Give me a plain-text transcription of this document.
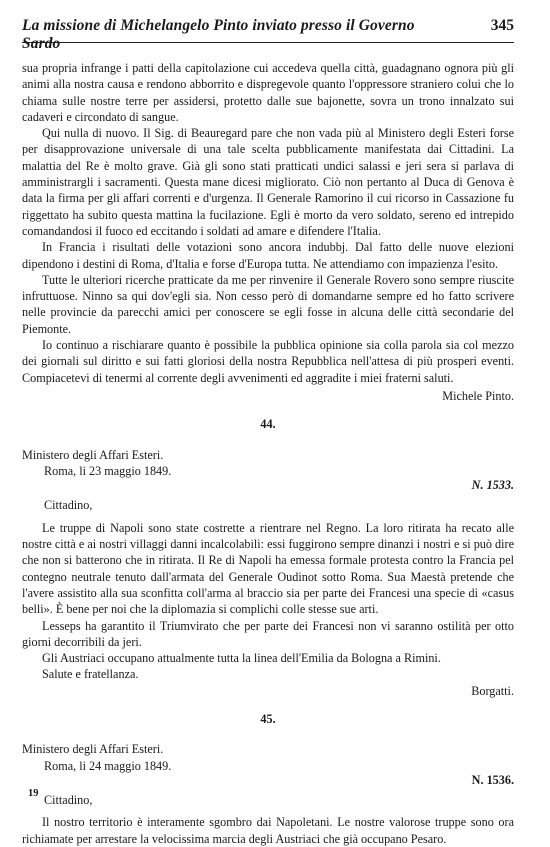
La missione di Michelangelo Pinto inviato presso il Governo Sardo
345

sua propria infrange i patti della capitolazione cui accedeva quella città, guadagnano ognora più gli animi alla nostra causa e rendono abborrito e dispregevole quanto l'oppressore straniero colui che lo chiama sulle nostre terre per assidersi, protetto dalle sue bajonette, sovra un trono innalzato sui cadaveri e circondato di sangue.

Qui nulla di nuovo. Il Sig. di Beauregard pare che non vada più al Ministero degli Esteri forse per disapprovazione universale di una tale scelta pubblicamente manifestata dai Cittadini. La malattia del Re è molto grave. Già gli sono stati pratticati undici salassi e jeri sera si parlava di amministrargli i sacramenti. Questa mane dicesi migliorato. Ciò non pertanto al Duca di Genova è data la firma per gli affari correnti e d'urgenza. Il Generale Ramorino il cui ricorso in Cassazione fu riggettato ha subito questa mattina la fucilazione. Egli è morto da vero soldato, sereno ed intrepido comandandosi il fuoco ed eccitando i soldati ad amare e difendere l'Italia.

In Francia i risultati delle votazioni sono ancora indubbj. Dal fatto delle nuove elezioni dipendono i destini di Roma, d'Italia e forse d'Europa tutta. Ne attendiamo con impazienza l'esito.

Tutte le ulteriori ricerche pratticate da me per rinvenire il Generale Rovero sono sempre riuscite infruttuose. Ninno sa qui dov'egli sia. Non cesso però di domandarne sempre ed ho fatto scrivere nelle provincie da parecchi amici per conoscere se egli fosse in alcuna delle città secondarie del Piemonte.

Io continuo a rischiarare quanto è possibile la pubblica opinione sia colla parola sia col mezzo dei giornali sul diritto e sui fatti gloriosi della nostra Repubblica nell'attesa di più prosperi eventi. Compiacetevi di tenermi al corrente degli avvenimenti ed aggradite i miei fraterni saluti.

Michele Pinto.

44.

Ministero degli Affari Esteri.

Roma, li 23 maggio 1849.

N. 1533.

Cittadino,

Le truppe di Napoli sono state costrette a rientrare nel Regno. La loro ritirata ha recato alle nostre città e ai nostri villaggi danni incalcolabili: essi fuggirono sempre dinanzi i nostri e si può dire che non si batterono che in ritirata. Il Re di Napoli ha emessa formale protesta contro la Francia pel contegno neutrale tenuto dall'armata del Generale Oudinot sotto Roma. Sua Maestà pretende che l'avere assistito alla sua sconfitta coll'arma al braccio sia per parte dei Francesi una specie di «casus belli». È bene per noi che la diplomazia si complichi colle stesse sue arti.

Lesseps ha garantito il Triumvirato che per parte dei Francesi non vi saranno ostilità per otto giorni decorribili da jeri.

Gli Austriaci occupano attualmente tutta la linea dell'Emilia da Bologna a Rimini.

Salute e fratellanza.

Borgatti.

45.

Ministero degli Affari Esteri.

Roma, li 24 maggio 1849.

N. 1536.

Cittadino,

Il nostro territorio è interamente sgombro dai Napoletani. Le nostre valorose truppe sono ora richiamate per arrestare la velocissima marcia degli Austriaci che già occupano Pesaro.

19
